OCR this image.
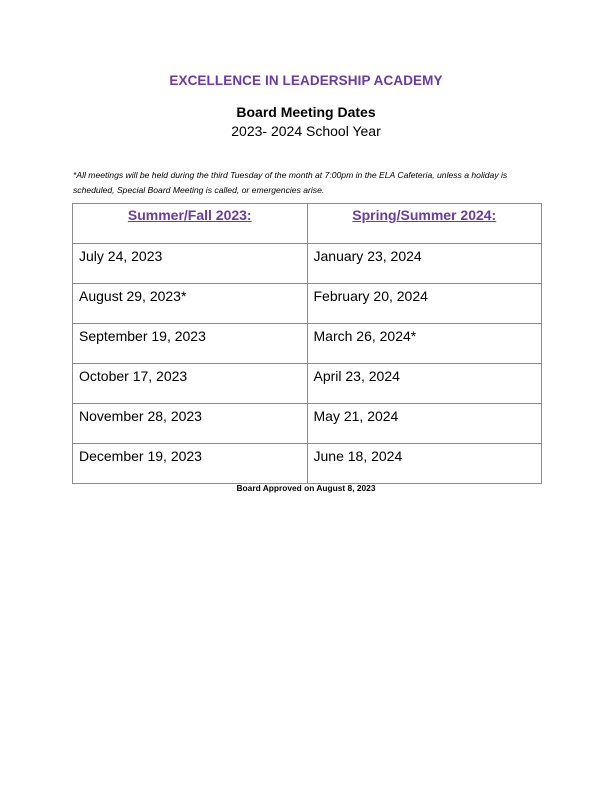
EXCELLENCE IN LEADERSHIP ACADEMY
Board Meeting Dates
2023- 2024 School Year
*All meetings will be held during the third Tuesday of the month at 7:00pm in the ELA Cafeteria, unless a holiday is scheduled, Special Board Meeting is called, or emergencies arise.
Summer/Fall 2023:	Spring/Summer 2024:
July 24, 2023	January 23, 2024
August 29, 2023*	February 20, 2024
September 19, 2023	March 26, 2024*
October 17, 2023	April 23, 2024
November 28, 2023	May 21, 2024
December 19, 2023	June 18, 2024
Board Approved on August 8, 2023
